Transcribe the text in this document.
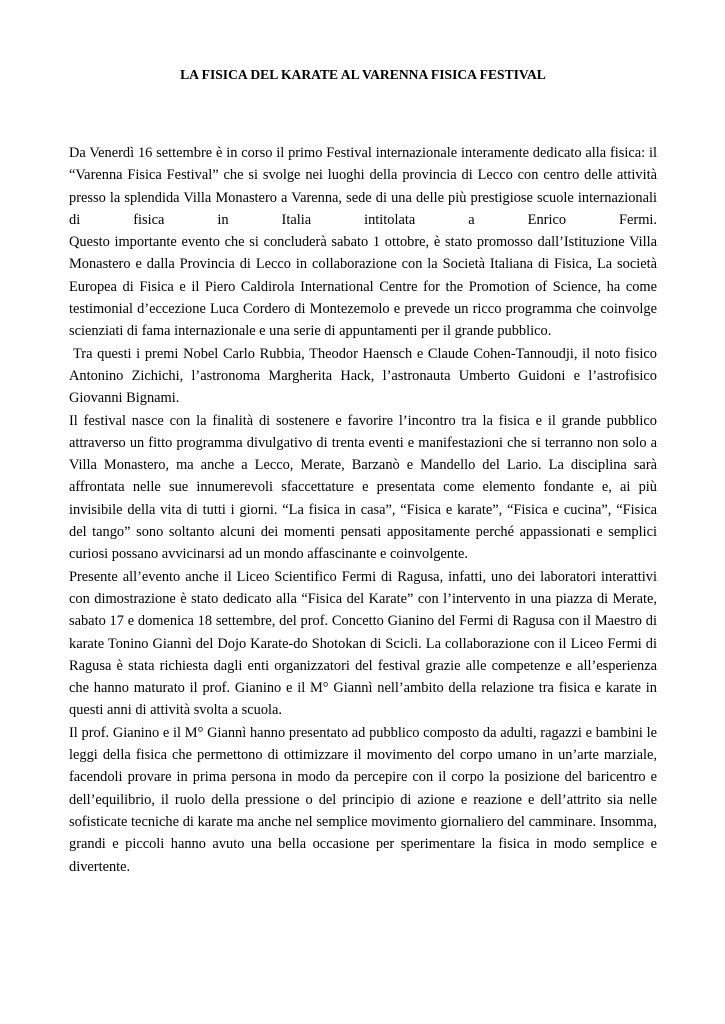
LA FISICA DEL KARATE AL VARENNA FISICA FESTIVAL

Da Venerdì 16 settembre è in corso il primo Festival internazionale interamente dedicato alla fisica: il “Varenna Fisica Festival” che si svolge nei luoghi della provincia di Lecco con centro delle attività presso la splendida Villa Monastero a Varenna, sede di una delle più prestigiose scuole internazionali di fisica in Italia intitolata a Enrico Fermi.

Questo importante evento che si concluderà sabato 1 ottobre, è stato promosso dall’Istituzione Villa Monastero e dalla Provincia di Lecco in collaborazione con la Società Italiana di Fisica, La società Europea di Fisica e il Piero Caldirola International Centre for the Promotion of Science, ha come testimonial d’eccezione Luca Cordero di Montezemolo e prevede un ricco programma che coinvolge scienziati di fama internazionale e una serie di appuntamenti per il grande pubblico.

Tra questi i premi Nobel Carlo Rubbia, Theodor Haensch e Claude Cohen-Tannoudji, il noto fisico Antonino Zichichi, l’astronoma Margherita Hack, l’astronauta Umberto Guidoni e l’astrofisico Giovanni Bignami.

Il festival nasce con la finalità di sostenere e favorire l’incontro tra la fisica e il grande pubblico attraverso un fitto programma divulgativo di trenta eventi e manifestazioni che si terranno non solo a Villa Monastero, ma anche a Lecco, Merate, Barzanò e Mandello del Lario. La disciplina sarà affrontata nelle sue innumerevoli sfaccettature e presentata come elemento fondante e, ai più invisibile della vita di tutti i giorni. “La fisica in casa”, “Fisica e karate”, “Fisica e cucina”, “Fisica del tango” sono soltanto alcuni dei momenti pensati appositamente perché appassionati e semplici curiosi possano avvicinarsi ad un mondo affascinante e coinvolgente.

Presente all’evento anche il Liceo Scientifico Fermi di Ragusa, infatti, uno dei laboratori interattivi con dimostrazione è stato dedicato alla “Fisica del Karate” con l’intervento in una piazza di Merate, sabato 17 e domenica 18 settembre, del prof. Concetto Gianino del Fermi di Ragusa con il Maestro di karate Tonino Giannì del Dojo Karate-do Shotokan di Scicli. La collaborazione con il Liceo Fermi di Ragusa è stata richiesta dagli enti organizzatori del festival grazie alle competenze e all’esperienza che hanno maturato il prof. Gianino e il M° Giannì nell’ambito della relazione tra fisica e karate in questi anni di attività svolta a scuola.

Il prof. Gianino e il M° Giannì hanno presentato ad pubblico composto da adulti, ragazzi e bambini le leggi della fisica che permettono di ottimizzare il movimento del corpo umano in un’arte marziale, facendoli provare in prima persona in modo da percepire con il corpo la posizione del baricentro e dell’equilibrio, il ruolo della pressione o del principio di azione e reazione e dell’attrito sia nelle sofisticate tecniche di karate ma anche nel semplice movimento giornaliero del camminare. Insomma, grandi e piccoli hanno avuto una bella occasione per sperimentare la fisica in modo semplice e divertente.
